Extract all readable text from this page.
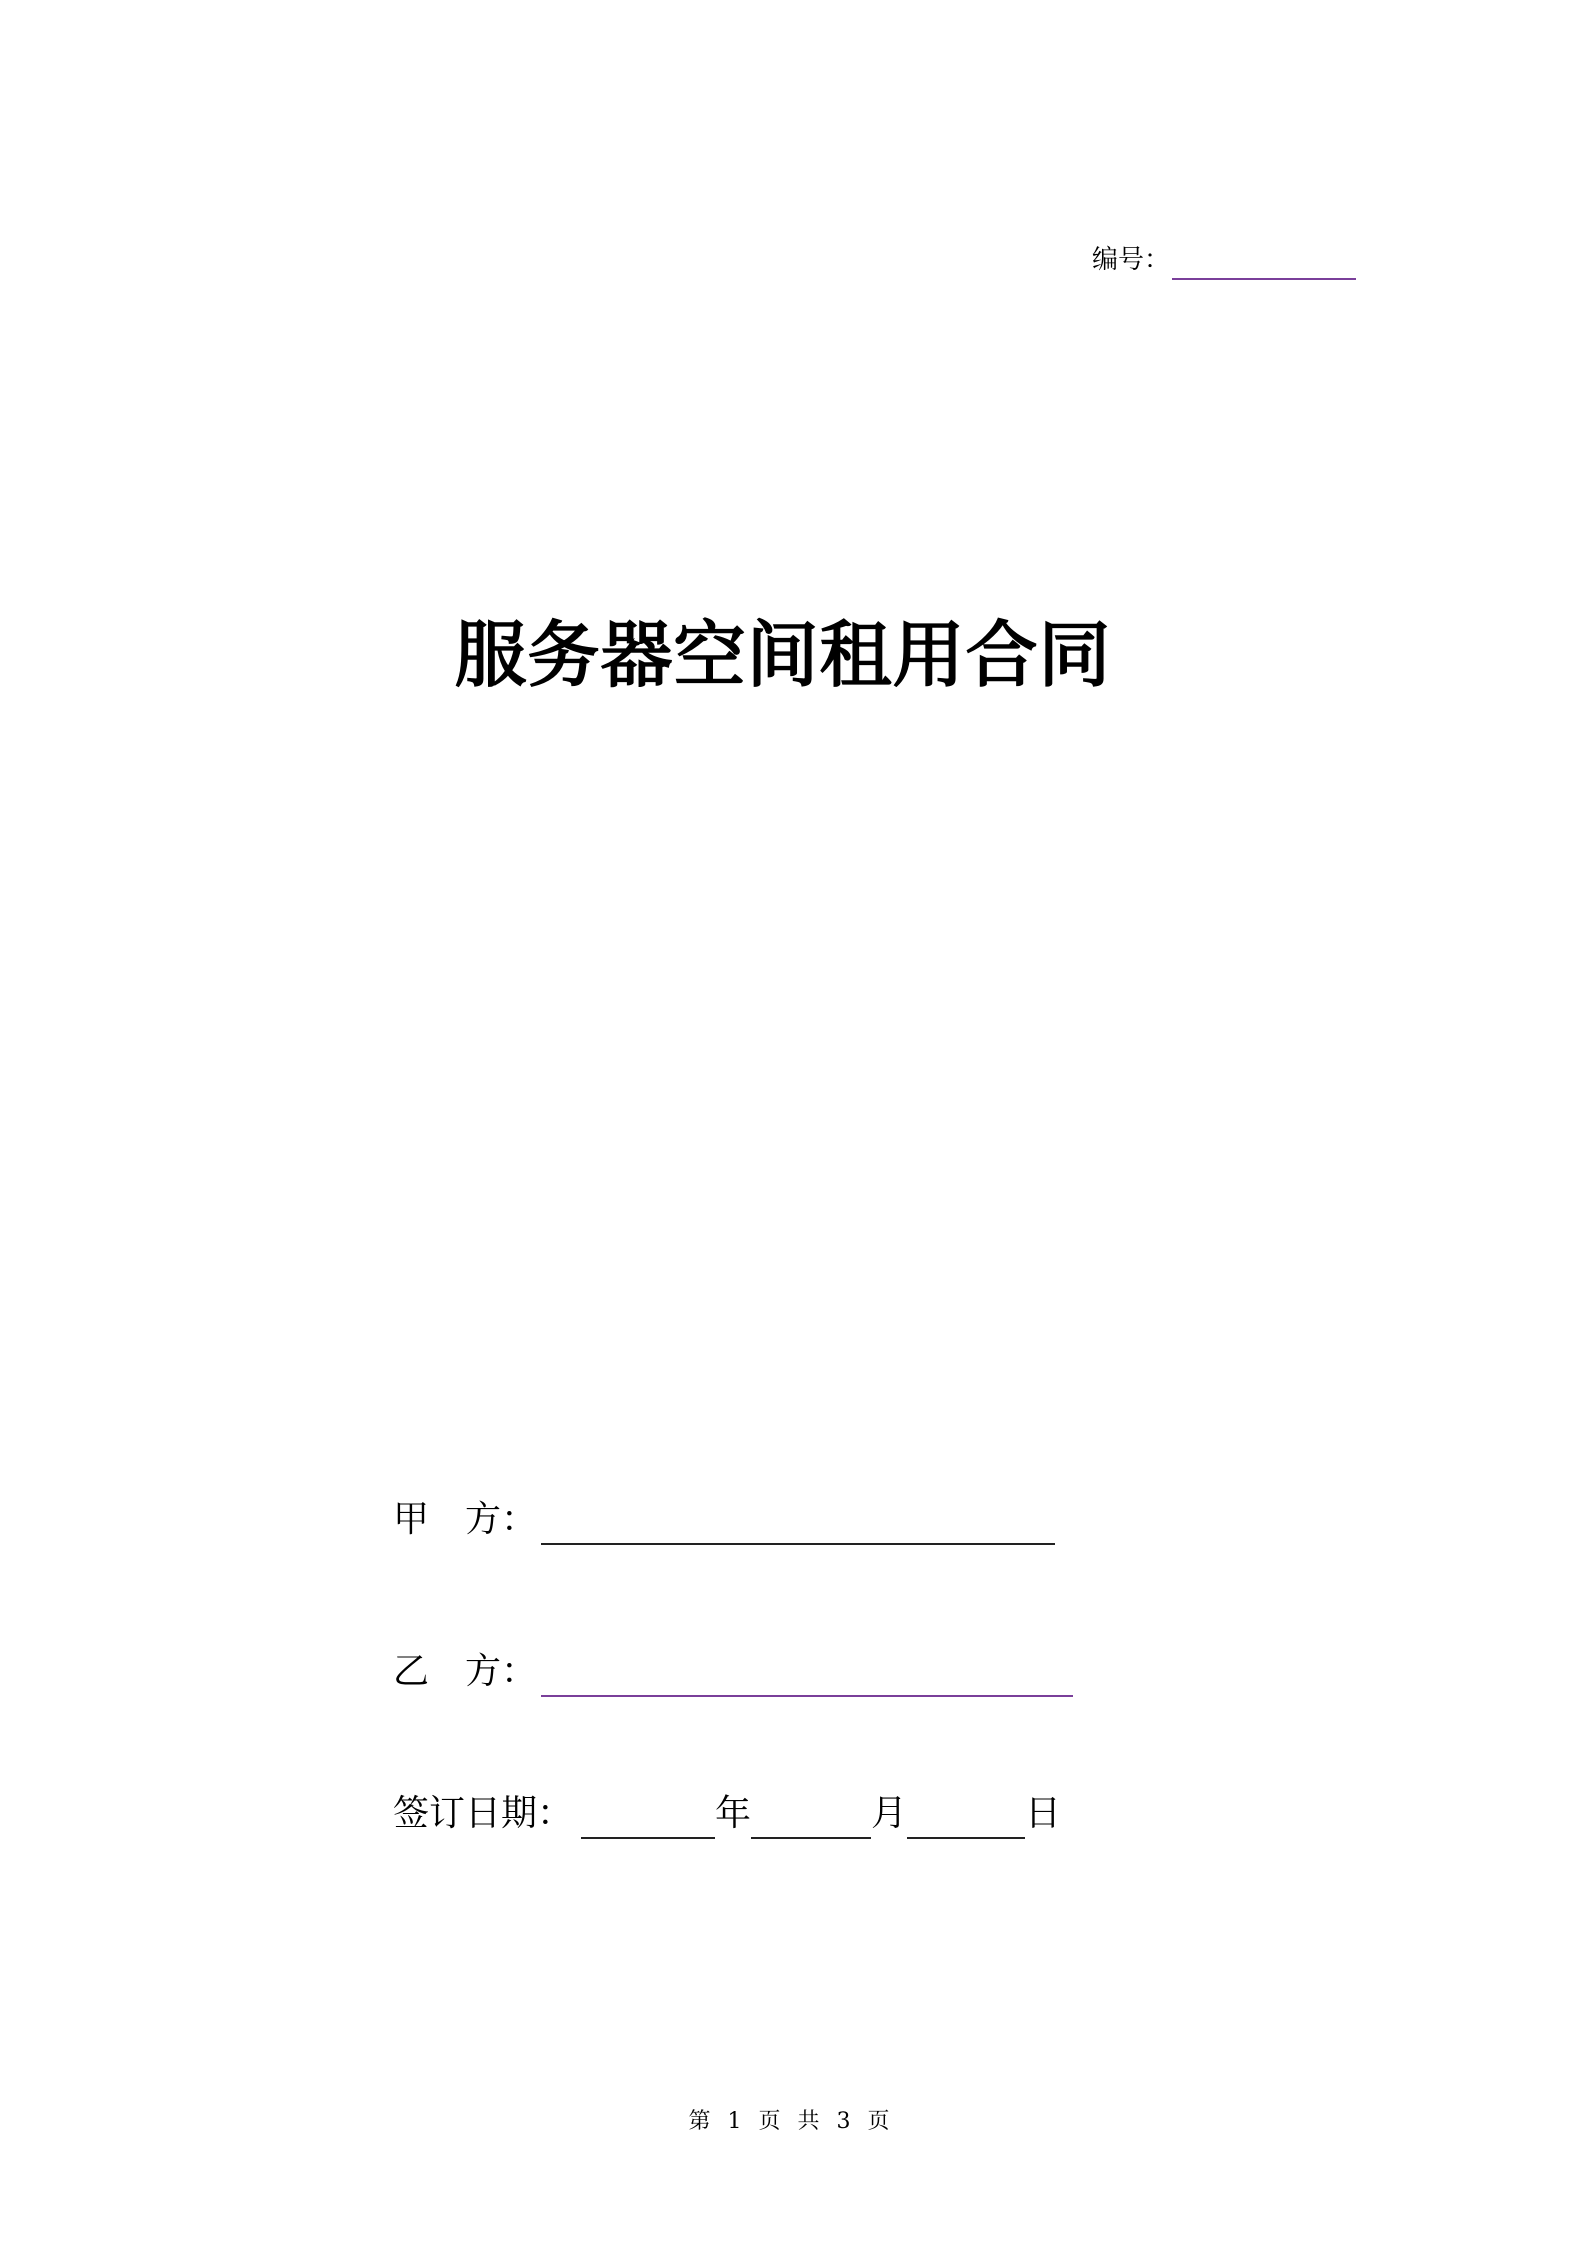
编号：
服务器空间租用合同
甲 方：
乙 方：
签订日期：	年	月	日
第 1 页 共 3 页
